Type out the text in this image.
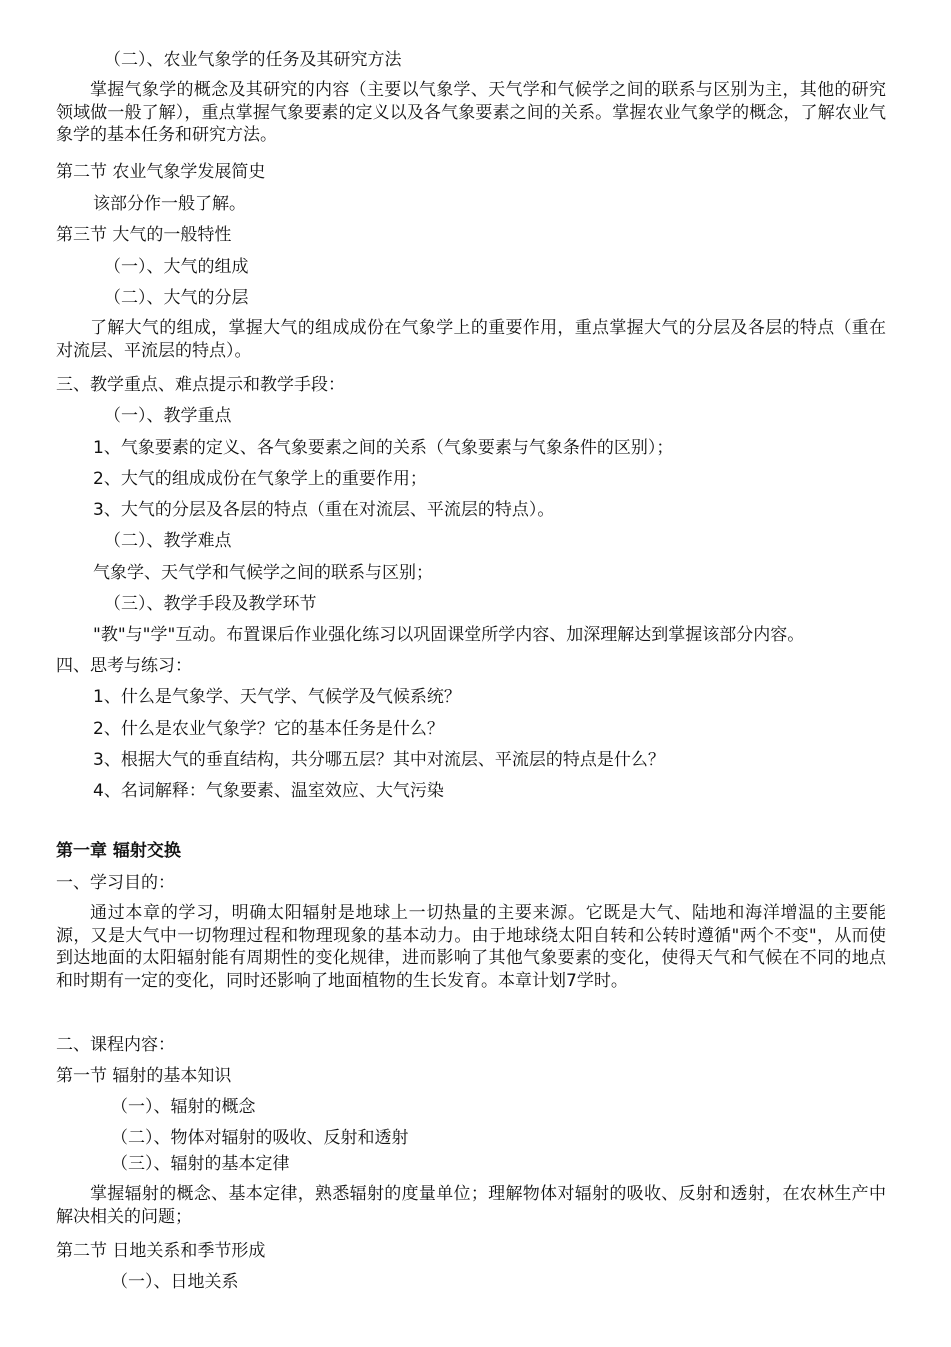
（二）、农业气象学的任务及其研究方法
掌握气象学的概念及其研究的内容（主要以气象学、天气学和气候学之间的联系与区别为主，其他的研究领域做一般了解），重点掌握气象要素的定义以及各气象要素之间的关系。掌握农业气象学的概念，了解农业气象学的基本任务和研究方法。
第二节 农业气象学发展简史
该部分作一般了解。
第三节 大气的一般特性
（一）、大气的组成
（二）、大气的分层
了解大气的组成，掌握大气的组成成份在气象学上的重要作用，重点掌握大气的分层及各层的特点（重在对流层、平流层的特点）。
三、教学重点、难点提示和教学手段：
（一）、教学重点
1、气象要素的定义、各气象要素之间的关系（气象要素与气象条件的区别）；
2、大气的组成成份在气象学上的重要作用；
3、大气的分层及各层的特点（重在对流层、平流层的特点）。
（二）、教学难点
气象学、天气学和气候学之间的联系与区别；
（三）、教学手段及教学环节
"教"与"学"互动。布置课后作业强化练习以巩固课堂所学内容、加深理解达到掌握该部分内容。
四、思考与练习：
1、什么是气象学、天气学、气候学及气候系统？
2、什么是农业气象学？它的基本任务是什么？
3、根据大气的垂直结构，共分哪五层？其中对流层、平流层的特点是什么？
4、名词解释：气象要素、温室效应、大气污染
第一章 辐射交换
一、学习目的：
通过本章的学习，明确太阳辐射是地球上一切热量的主要来源。它既是大气、陆地和海洋增温的主要能源，又是大气中一切物理过程和物理现象的基本动力。由于地球绕太阳自转和公转时遵循"两个不变"，从而使到达地面的太阳辐射能有周期性的变化规律，进而影响了其他气象要素的变化，使得天气和气候在不同的地点和时期有一定的变化，同时还影响了地面植物的生长发育。本章计划7学时。
二、课程内容：
第一节 辐射的基本知识
（一）、辐射的概念
（二）、物体对辐射的吸收、反射和透射
（三）、辐射的基本定律
掌握辐射的概念、基本定律，熟悉辐射的度量单位；理解物体对辐射的吸收、反射和透射，在农林生产中解决相关的问题；
第二节 日地关系和季节形成
（一）、日地关系
